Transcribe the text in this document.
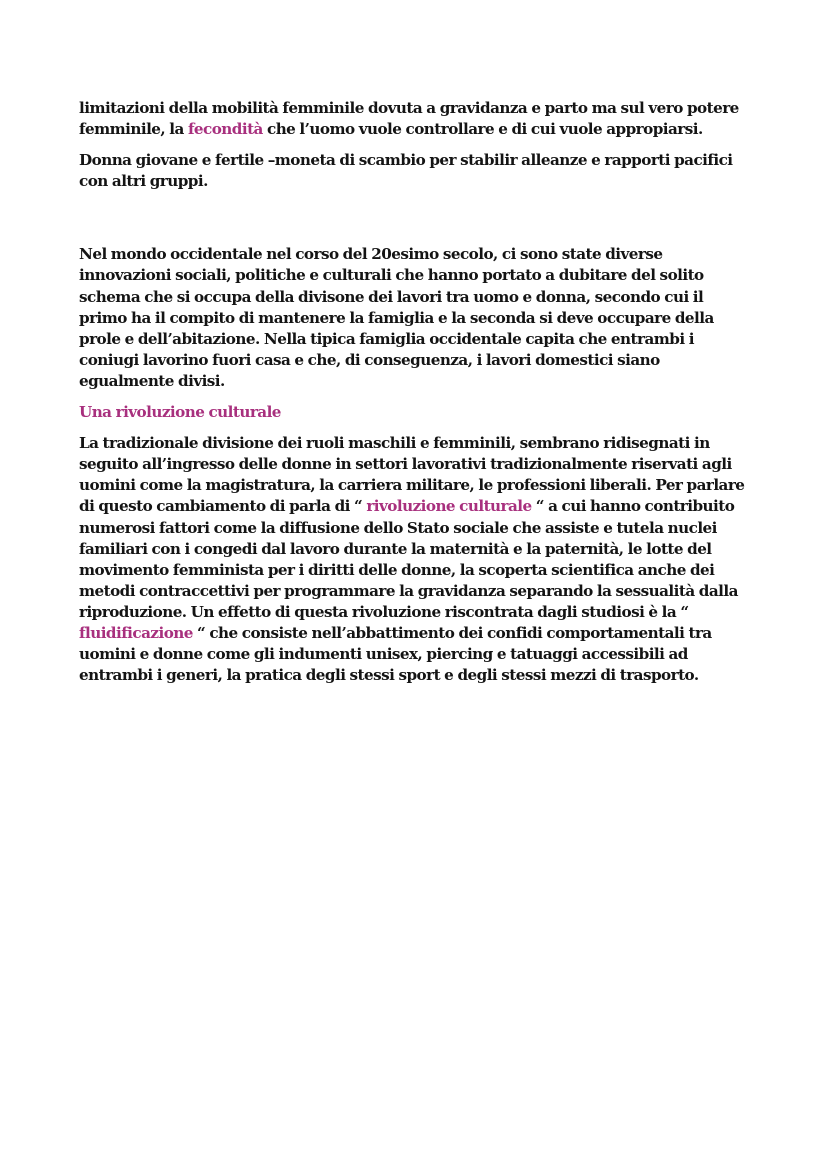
limitazioni della mobilità femminile dovuta a gravidanza e parto ma sul vero potere femminile, la fecondità che l’uomo vuole controllare e di cui vuole appropiarsi.

Donna giovane e fertile –moneta di scambio per stabilir alleanze e rapporti pacifici con altri gruppi.

Nel mondo occidentale nel corso del 20esimo secolo, ci sono state diverse innovazioni sociali, politiche e culturali che hanno portato a dubitare del solito schema che si occupa della divisone dei lavori tra uomo e donna, secondo cui il primo ha il compito di mantenere la famiglia e la seconda si deve occupare della prole e dell’abitazione. Nella tipica famiglia occidentale capita che entrambi i coniugi lavorino fuori casa e che, di conseguenza, i lavori domestici siano egualmente divisi.

Una rivoluzione culturale

La tradizionale divisione dei ruoli maschili e femminili, sembrano ridisegnati in seguito all’ingresso delle donne in settori lavorativi tradizionalmente riservati agli uomini come la magistratura, la carriera militare, le professioni liberali. Per parlare di questo cambiamento di parla di “ rivoluzione culturale “ a cui hanno contribuito numerosi fattori come la diffusione dello Stato sociale che assiste e tutela nuclei familiari con i congedi dal lavoro durante la maternità e la paternità, le lotte del movimento femminista per i diritti delle donne, la scoperta scientifica anche dei metodi contraccettivi per programmare la gravidanza separando la sessualità dalla riproduzione. Un effetto di questa rivoluzione riscontrata dagli studiosi è la “ fluidificazione “ che consiste nell’abbattimento dei confidi comportamentali tra uomini e donne come gli indumenti unisex, piercing e tatuaggi accessibili ad entrambi i generi, la pratica degli stessi sport e degli stessi mezzi di trasporto.
